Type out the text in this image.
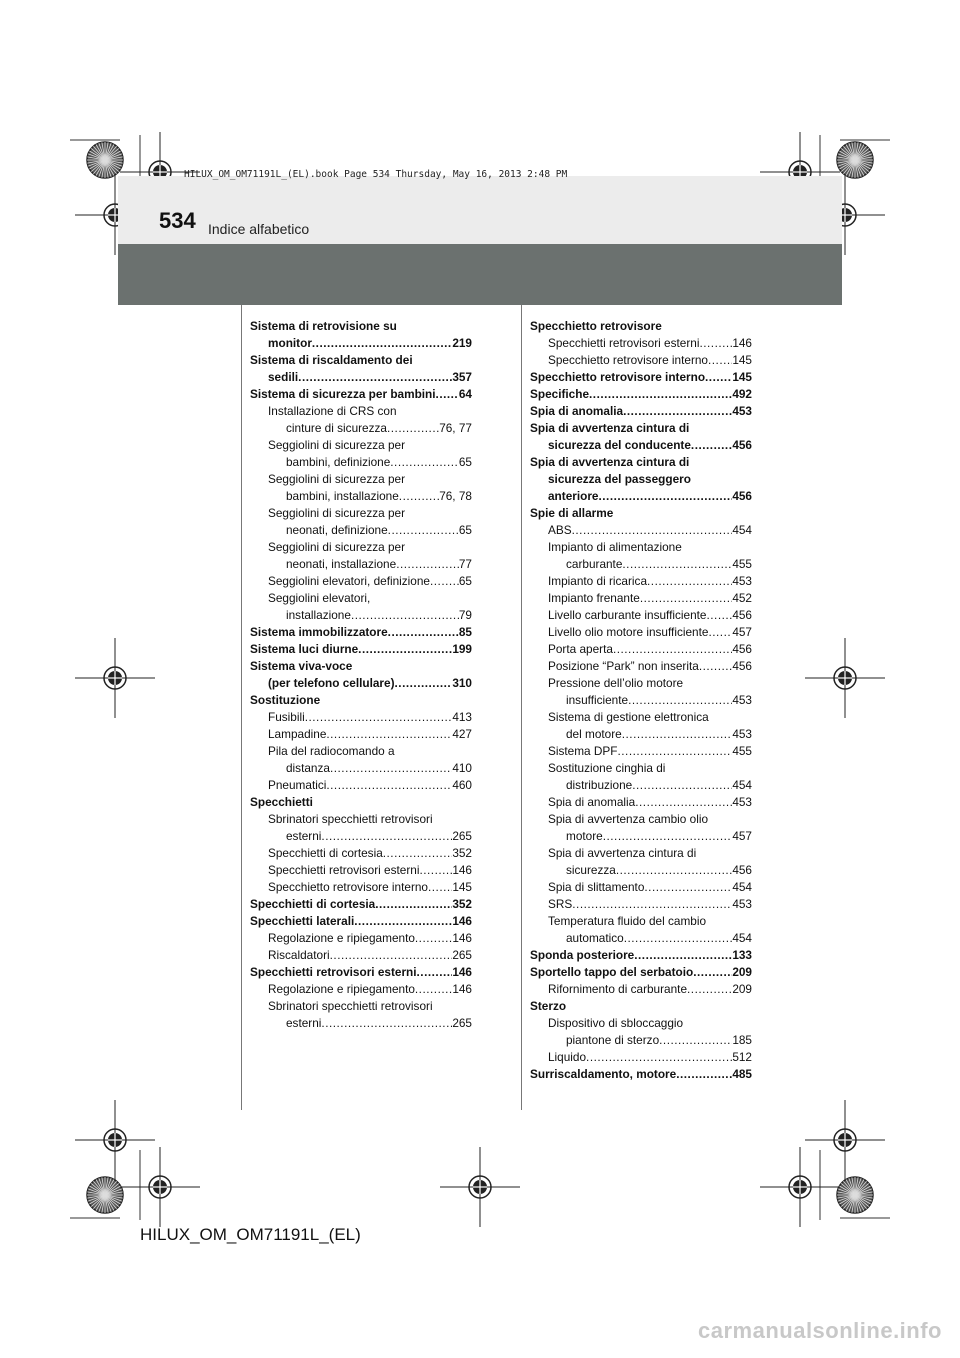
534 Indice alfabetico
HILUX_OM_OM71191L_(EL).book Page 534 Thursday, May 16, 2013 2:48 PM
Sistema di retrovisione su
monitor .....	219
Sistema di riscaldamento dei
sedili .....	357
Sistema di sicurezza per bambini ..... 64
Installazione di CRS con
cinture di sicurezza .....	76, 77
Seggiolini di sicurezza per
bambini, definizione .....	65
Seggiolini di sicurezza per
bambini, installazione .....	76, 78
Seggiolini di sicurezza per
neonati, definizione .....	65
Seggiolini di sicurezza per
neonati, installazione .....	77
Seggiolini elevatori, definizione ..... 65
Seggiolini elevatori,
installazione .....	79
Sistema immobilizzatore .....	85
Sistema luci diurne .....	199
Sistema viva-voce
(per telefono cellulare) .....	310
Sostituzione
Fusibili .....	413
Lampadine .....	427
Pila del radiocomando a
distanza .....	410
Pneumatici .....	460
Specchietti
Sbrinatori specchietti retrovisori
esterni .....	265
Specchietti di cortesia .....	352
Specchietti retrovisori esterni .....	146
Specchietto retrovisore interno ..... 145
Specchietti di cortesia .....	352
Specchietti laterali .....	146
Regolazione e ripiegamento .....	146
Riscaldatori .....	265
Specchietti retrovisori esterni .....	146
Regolazione e ripiegamento .....	146
Sbrinatori specchietti retrovisori
esterni .....	265
Specchietto retrovisore
Specchietti retrovisori esterni .....	146
Specchietto retrovisore interno ..... 145
Specchietto retrovisore interno ..... 145
Specifiche .....	492
Spia di anomalia .....	453
Spia di avvertenza cintura di
sicurezza del conducente .....	456
Spia di avvertenza cintura di
sicurezza del passeggero
anteriore .....	456
Spie di allarme
ABS .....	454
Impianto di alimentazione
carburante .....	455
Impianto di ricarica .....	453
Impianto frenante .....	452
Livello carburante insufficiente ..... 456
Livello olio motore insufficiente ..... 457
Porta aperta .....	456
Posizione “Park” non inserita .....	456
Pressione dell’olio motore
insufficiente .....	453
Sistema di gestione elettronica
del motore .....	453
Sistema DPF .....	455
Sostituzione cinghia di
distribuzione .....	454
Spia di anomalia .....	453
Spia di avvertenza cambio olio
motore .....	457
Spia di avvertenza cintura di
sicurezza .....	456
Spia di slittamento .....	454
SRS .....	453
Temperatura fluido del cambio
automatico .....	454
Sponda posteriore .....	133
Sportello tappo del serbatoio .....	209
Rifornimento di carburante .....	209
Sterzo
Dispositivo di sbloccaggio
piantone di sterzo .....	185
Liquido .....	512
Surriscaldamento, motore .....	485
HILUX_OM_OM71191L_(EL)
carmanualsonline.info
